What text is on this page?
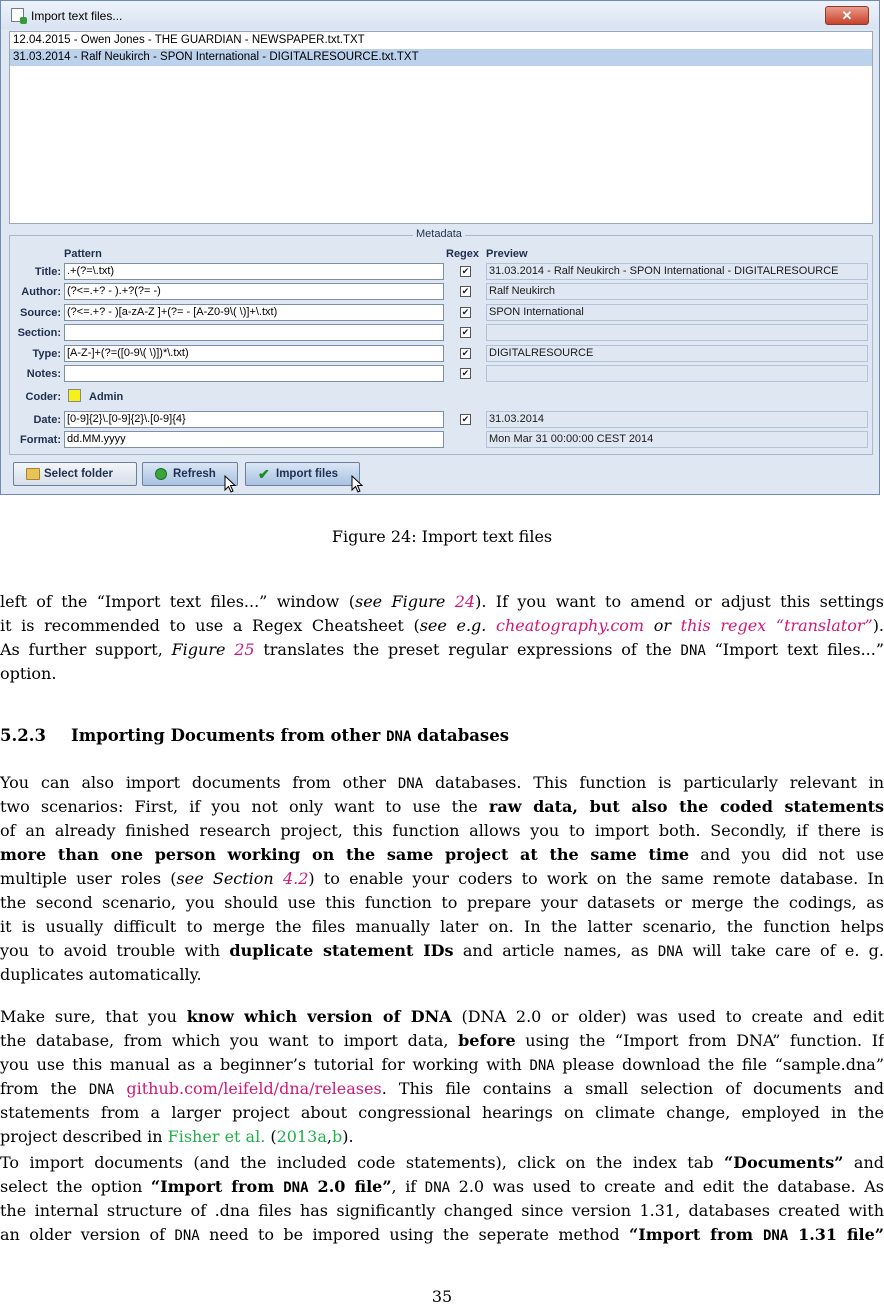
Import text files...	✕
12.04.2015 - Owen Jones - THE GUARDIAN - NEWSPAPER.txt.TXT
31.03.2014 - Ralf Neukirch - SPON International - DIGITALRESOURCE.txt.TXT
Metadata
Pattern	Regex Preview
Title: .+(?=\.txt)	✔ 31.03.2014 - Ralf Neukirch - SPON International - DIGITALRESOURCE
Author: (?<=.+? - ).+?(?= -)	✔ Ralf Neukirch
Source: (?<=.+? - )[a-zA-Z ]+(?= - [A-Z0-9\( \)]+\.txt)	✔ SPON International
Section:	✔
Type: [A-Z-]+(?=([0-9\( \)])*\.txt)	✔ DIGITALRESOURCE
Notes:	✔
Coder:	Admin
Date: [0-9]{2}\.[0-9]{2}\.[0-9]{4}	✔ 31.03.2014
Format: dd.MM.yyyy	Mon Mar 31 00:00:00 CEST 2014
Select folder	Refresh	✔ Import files
Figure 24: Import text files
left of the “Import text files...” window (see Figure 24). If you want to amend or adjust this settings
it is recommended to use a Regex Cheatsheet (see e.g. cheatography.com or this regex “translator”).
As further support, Figure 25 translates the preset regular expressions of the DNA “Import text files...”
option.
5.2.3 Importing Documents from other DNA databases
You can also import documents from other DNA databases. This function is particularly relevant in
two scenarios: First, if you not only want to use the raw data, but also the coded statements
of an already finished research project, this function allows you to import both. Secondly, if there is
more than one person working on the same project at the same time and you did not use
multiple user roles (see Section 4.2) to enable your coders to work on the same remote database. In
the second scenario, you should use this function to prepare your datasets or merge the codings, as
it is usually difficult to merge the files manually later on. In the latter scenario, the function helps
you to avoid trouble with duplicate statement IDs and article names, as DNA will take care of e. g.
duplicates automatically.
Make sure, that you know which version of DNA (DNA 2.0 or older) was used to create and edit
the database, from which you want to import data, before using the “Import from DNA” function. If
you use this manual as a beginner’s tutorial for working with DNA please download the file “sample.dna”
from the DNA github.com/leifeld/dna/releases. This file contains a small selection of documents and
statements from a larger project about congressional hearings on climate change, employed in the
project described in Fisher et al. (2013a,b).
To import documents (and the included code statements), click on the index tab “Documents” and
select the option “Import from DNA 2.0 file”, if DNA 2.0 was used to create and edit the database. As
the internal structure of .dna files has significantly changed since version 1.31, databases created with
an older version of DNA need to be impored using the seperate method “Import from DNA 1.31 file”
35
